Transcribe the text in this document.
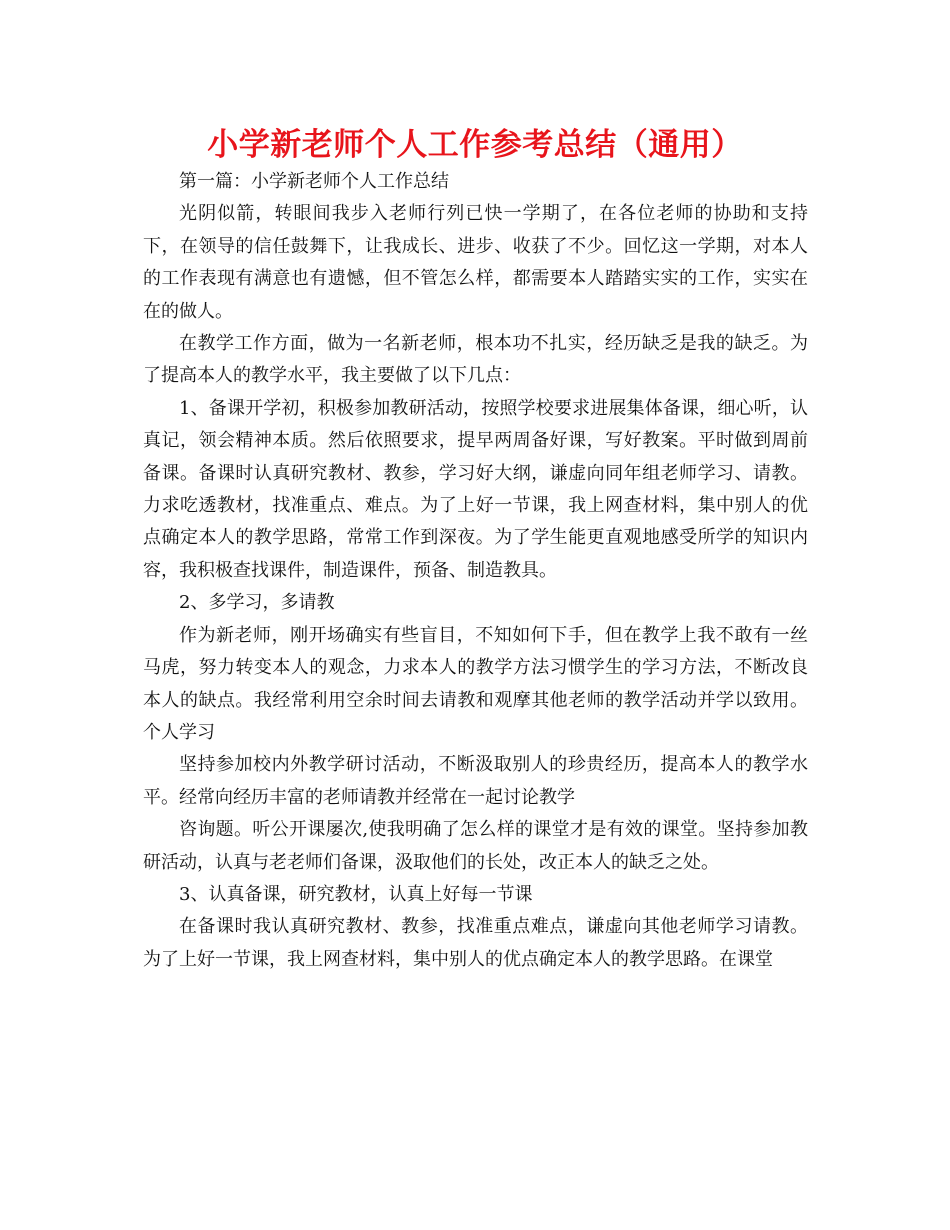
小学新老师个人工作参考总结（通用）

第一篇：小学新老师个人工作总结

光阴似箭，转眼间我步入老师行列已快一学期了，在各位老师的协助和支持下，在领导的信任鼓舞下，让我成长、进步、收获了不少。回忆这一学期，对本人的工作表现有满意也有遗憾，但不管怎么样，都需要本人踏踏实实的工作，实实在在的做人。

在教学工作方面，做为一名新老师，根本功不扎实，经历缺乏是我的缺乏。为了提高本人的教学水平，我主要做了以下几点：

1、备课开学初，积极参加教研活动，按照学校要求进展集体备课，细心听，认真记，领会精神本质。然后依照要求，提早两周备好课，写好教案。平时做到周前备课。备课时认真研究教材、教参，学习好大纲，谦虚向同年组老师学习、请教。力求吃透教材，找准重点、难点。为了上好一节课，我上网查材料，集中别人的优点确定本人的教学思路，常常工作到深夜。为了学生能更直观地感受所学的知识内容，我积极查找课件，制造课件，预备、制造教具。

2、多学习，多请教

作为新老师，刚开场确实有些盲目，不知如何下手，但在教学上我不敢有一丝马虎，努力转变本人的观念，力求本人的教学方法习惯学生的学习方法，不断改良本人的缺点。我经常利用空余时间去请教和观摩其他老师的教学活动并学以致用。个人学习

坚持参加校内外教学研讨活动，不断汲取别人的珍贵经历，提高本人的教学水平。经常向经历丰富的老师请教并经常在一起讨论教学

咨询题。听公开课屡次,使我明确了怎么样的课堂才是有效的课堂。坚持参加教研活动，认真与老老师们备课，汲取他们的长处，改正本人的缺乏之处。

3、认真备课，研究教材，认真上好每一节课

在备课时我认真研究教材、教参，找准重点难点，谦虚向其他老师学习请教。为了上好一节课，我上网查材料，集中别人的优点确定本人的教学思路。在课堂
